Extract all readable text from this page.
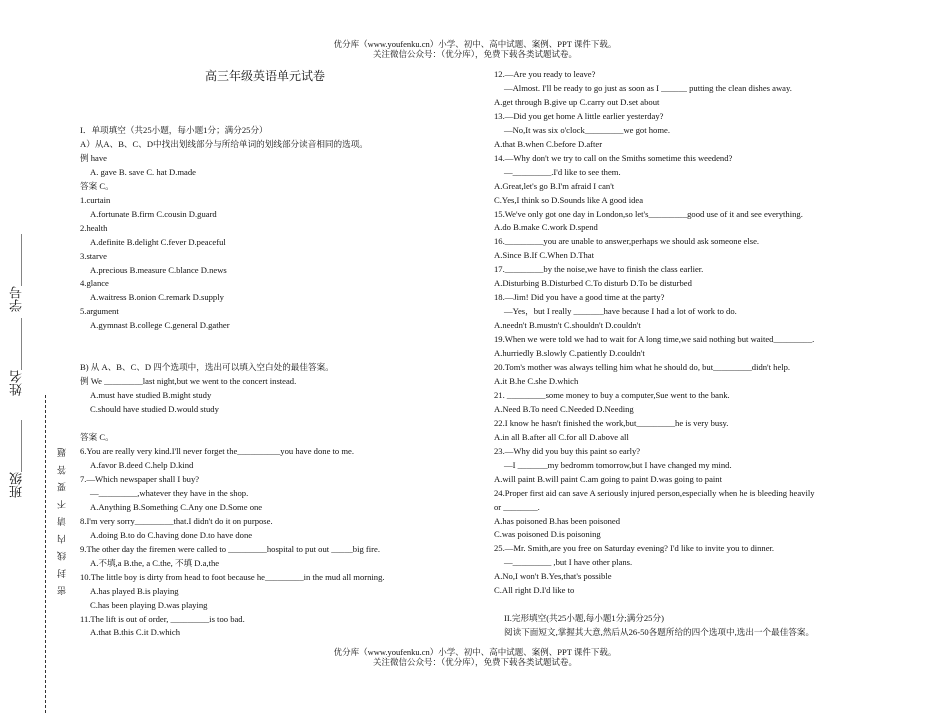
优分库（www.youfenku.cn）小学、初中、高中试题、案例、PPT 课件下载。
关注微信公众号：（优分库），免费下载各类试题试卷。
高三年级英语单元试卷
班级＿＿＿＿
姓名＿＿＿＿
学号＿＿＿＿
密 封 线 内 请 不 要 答 题
I．单项填空（共25小题，每小题1分；满分25分）
A）从A、B、C、D中找出划线部分与所给单词的划线部分读音相同的选项。
例 have
A. gave B. save C. hat D.made
答案 C。
1.curtain
A.fortunate B.firm C.cousin D.guard
2.health
A.definite B.delight C.fever D.peaceful
3.starve
A.precious B.measure C.blance D.news
4.glance
A.waitress B.onion C.remark D.supply
5.argument
A.gymnast B.college C.general D.gather
B) 从 A、B、C、D 四个选项中，选出可以填入空白处的最佳答案。
例 We _________last night,but we went to the concert instead.
A.must have studied B.might study
C.should have studied D.would study
答案 C。
6.You are really very kind.I'll never forget the__________you have done to me.
A.favor B.deed C.help D.kind
7.—Which newspaper shall I buy?
—_________,whatever they have in the shop.
A.Anything B.Something C.Any one D.Some one
8.I'm very sorry_________that.I didn't do it on purpose.
A.doing B.to do C.having done D.to have done
9.The other day the firemen were called to _________hospital to put out _____big fire.
A.不填,a B.the, a C.the, 不填 D.a,the
10.The little boy is dirty from head to foot because he_________in the mud all morning.
A.has played B.is playing
C.has been playing D.was playing
11.The lift is out of order, _________is too bad.
A.that B.this C.it D.which
12.—Are you ready to leave?
—Almost. I'll be ready to go just as soon as I ______ putting the clean dishes away.
A.get through B.give up C.carry out D.set about
13.—Did you get home A little earlier yesterday?
—No,It was six o'clock_________we got home.
A.that B.when C.before D.after
14.—Why don't we try to call on the Smiths sometime this weedend?
—_________.I'd like to see them.
A.Great,let's go B.I'm afraid I can't
C.Yes,I think so D.Sounds like A good idea
15.We've only got one day in London,so let's_________good use of it and see everything.
A.do B.make C.work D.spend
16._________you are unable to answer,perhaps we should ask someone else.
A.Since B.If C.When D.That
17._________by the noise,we have to finish the class earlier.
A.Disturbing B.Disturbed C.To disturb D.To be disturbed
18.—Jim! Did you have a good time at the party?
—Yes，but I really _______have because I had a lot of work to do.
A.needn't B.mustn't C.shouldn't D.couldn't
19.When we were told we had to wait for A long time,we said nothing but waited_________.
A.hurriedly B.slowly C.patiently D.couldn't
20.Tom's mother was always telling him what he should do, but_________didn't help.
A.it B.he C.she D.which
21. _________some money to buy a computer,Sue went to the bank.
A.Need B.To need C.Needed D.Needing
22.I know he hasn't finished the work,but_________he is very busy.
A.in all B.after all C.for all D.above all
23.—Why did you buy this paint so early?
—I _______my bedromm tomorrow,but I have changed my mind.
A.will paint B.will paint C.am going to paint D.was going to paint
24.Proper first aid can save A seriously injured person,especially when he is bleeding heavily
or ________.
A.has poisoned B.has been poisoned
C.was poisoned D.is poisoning
25.—Mr. Smith,are you free on Saturday evening? I'd like to invite you to dinner.
—_________ ,but I have other plans.
A.No,I won't B.Yes,that's possible
C.All right D.I'd like to
II.完形填空(共25小题,每小题1分;满分25分)
阅读下面短文,掌握其大意,然后从26-50各题所给的四个选项中,选出一个最佳答案。
优分库（www.youfenku.cn）小学、初中、高中试题、案例、PPT 课件下载。
关注微信公众号：（优分库），免费下载各类试题试卷。
